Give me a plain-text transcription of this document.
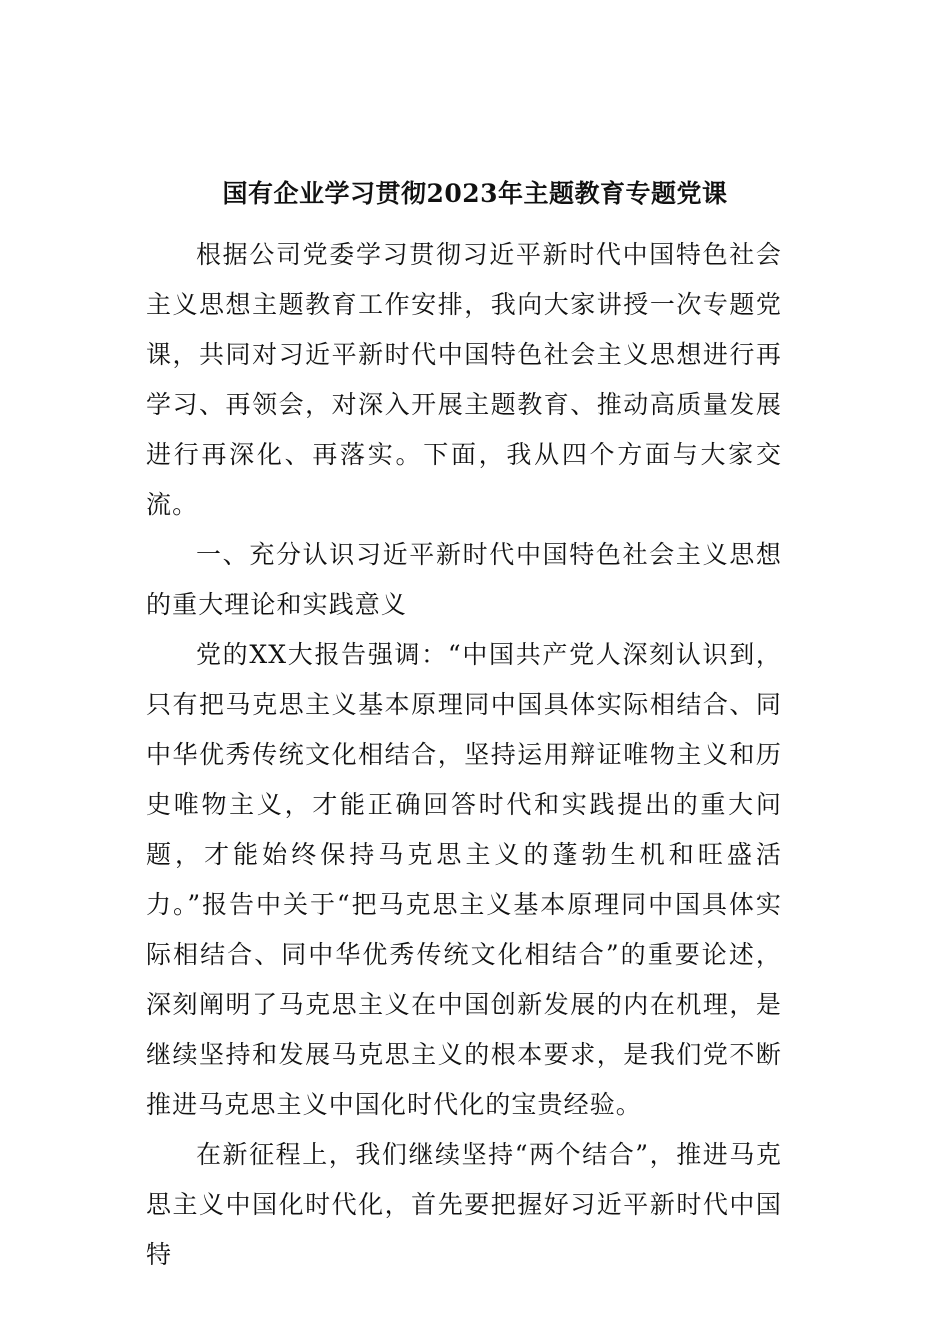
国有企业学习贯彻2023年主题教育专题党课

根据公司党委学习贯彻习近平新时代中国特色社会主义思想主题教育工作安排，我向大家讲授一次专题党课，共同对习近平新时代中国特色社会主义思想进行再学习、再领会，对深入开展主题教育、推动高质量发展进行再深化、再落实。下面，我从四个方面与大家交流。

一、充分认识习近平新时代中国特色社会主义思想的重大理论和实践意义

党的XX大报告强调：“中国共产党人深刻认识到，只有把马克思主义基本原理同中国具体实际相结合、同中华优秀传统文化相结合，坚持运用辩证唯物主义和历史唯物主义，才能正确回答时代和实践提出的重大问题，才能始终保持马克思主义的蓬勃生机和旺盛活力。”报告中关于“把马克思主义基本原理同中国具体实际相结合、同中华优秀传统文化相结合”的重要论述，深刻阐明了马克思主义在中国创新发展的内在机理，是继续坚持和发展马克思主义的根本要求，是我们党不断推进马克思主义中国化时代化的宝贵经验。

在新征程上，我们继续坚持“两个结合”，推进马克思主义中国化时代化，首先要把握好习近平新时代中国特
